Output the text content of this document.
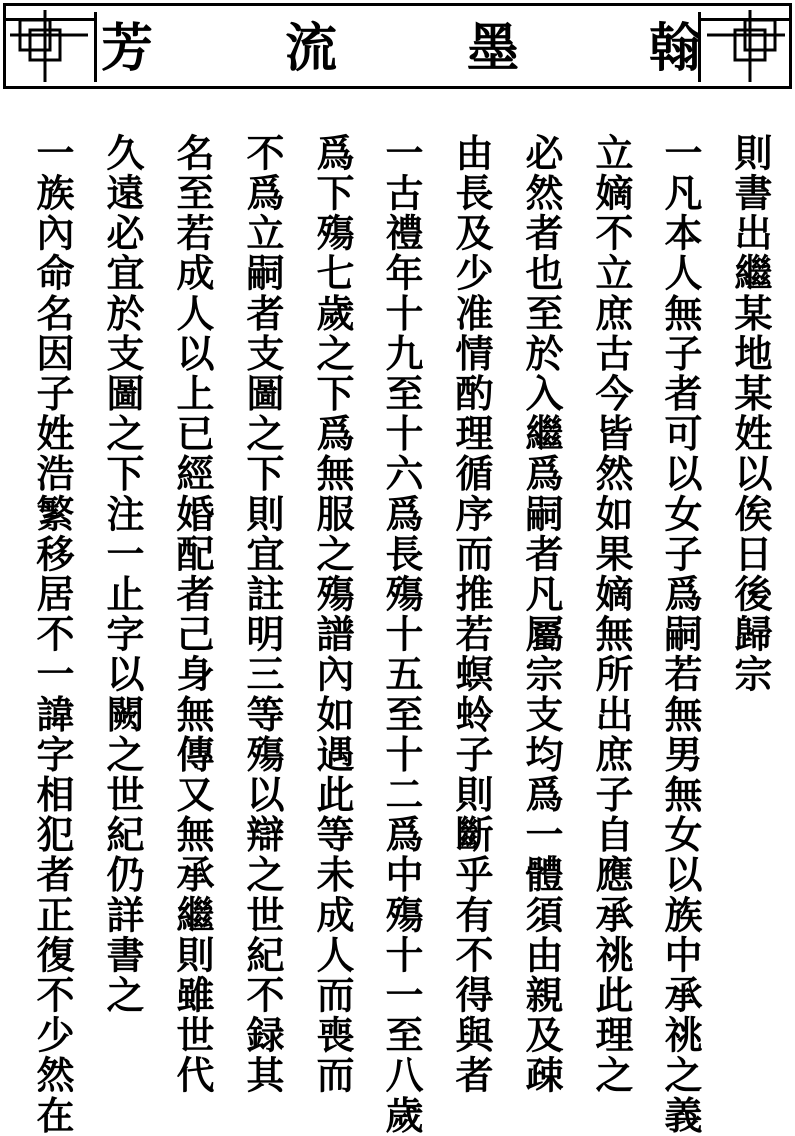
芳	流 墨 翰
則書出繼某地某姓以俟日後歸宗
一凡本人無子者可以女子爲嗣若無男無女以族中承祧之義
立嫡不立庶古今皆然如果嫡無所出庶子自應承祧此理之
必然者也至於入繼爲嗣者凡屬宗支均爲一體須由親及疎
由長及少准情酌理循序而推若螟蛉子則斷乎有不得與者
一古禮年十九至十六爲長殤十五至十二爲中殤十一至八歲
爲下殤七歲之下爲無服之殤譜內如遇此等未成人而喪而
不爲立嗣者支圖之下則宜註明三等殤以辯之世紀不録其
名至若成人以上已經婚配者己身無傳又無承繼則雖世代
久遠必宜於支圖之下注一止字以闕之世紀仍詳書之
一族內命名因子姓浩繁移居不一諱字相犯者正復不少然在
